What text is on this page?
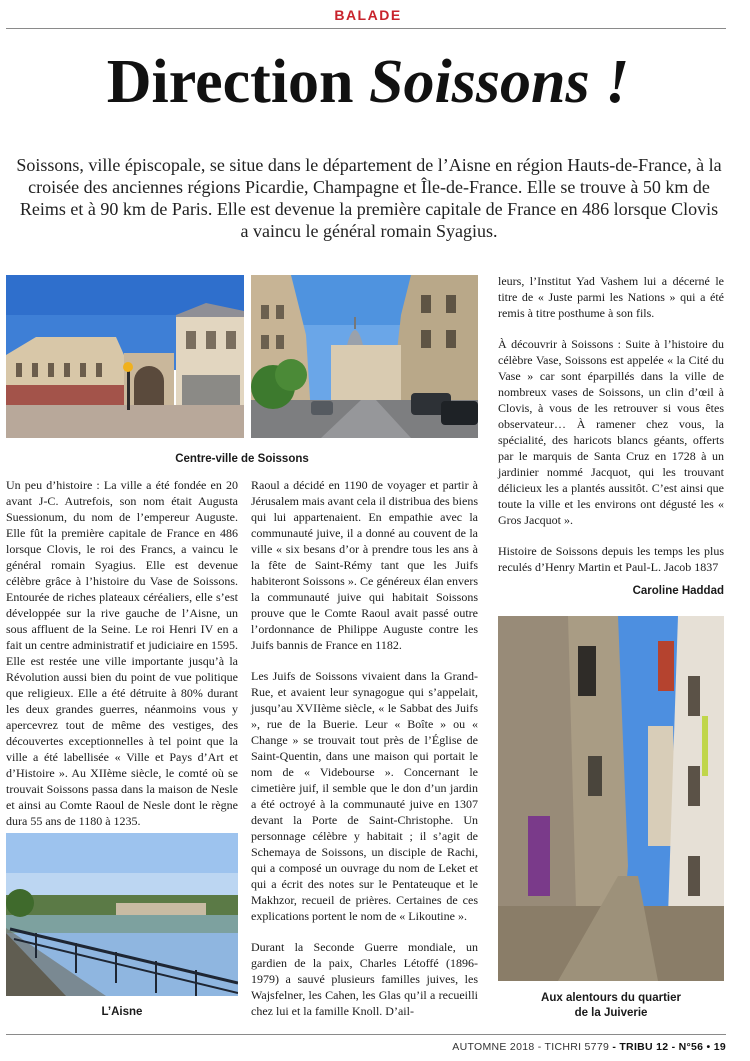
BALADE
Direction Soissons !

Soissons, ville épiscopale, se situe dans le département de l’Aisne en région Hauts-de-France, à la croisée des anciennes régions Picardie, Champagne et Île-de-France. Elle se trouve à 50 km de Reims et à 90 km de Paris. Elle est devenue la première capitale de France en 486 lorsque Clovis a vaincu le général romain Syagius.

Centre-ville de Soissons

Un peu d’histoire : La ville a été fondée en 20 avant J-C. Autrefois, son nom était Augusta Suessionum, du nom de l’empereur Auguste. Elle fût la première capitale de France en 486 lorsque Clovis, le roi des Francs, a vaincu le général romain Syagius. Elle est devenue célèbre grâce à l’histoire du Vase de Soissons. Entourée de riches plateaux céréaliers, elle s’est développée sur la rive gauche de l’Aisne, un sous affluent de la Seine. Le roi Henri IV en a fait un centre administratif et judiciaire en 1595. Elle est restée une ville importante jusqu’à la Révolution aussi bien du point de vue politique que religieux. Elle a été détruite à 80% durant les deux grandes guerres, néanmoins vous y apercevrez tout de même des vestiges, des découvertes exceptionnelles à tel point que la ville a été labellisée « Ville et Pays d’Art et d’Histoire ». Au XIIème siècle, le comté où se trouvait Soissons passa dans la maison de Nesle et ainsi au Comte Raoul de Nesle dont le règne dura 55 ans de 1180 à 1235.

L’Aisne

Raoul a décidé en 1190 de voyager et partir à Jérusalem mais avant cela il distribua des biens qui lui appartenaient. En empathie avec la communauté juive, il a donné au couvent de la ville « six besans d’or à prendre tous les ans à la fête de Saint-Rémy tant que les Juifs habiteront Soissons ». Ce généreux élan envers la communauté juive qui habitait Soissons prouve que le Comte Raoul avait passé outre l’ordonnance de Philippe Auguste contre les Juifs bannis de France en 1182.

Les Juifs de Soissons vivaient dans la Grand-Rue, et avaient leur synagogue qui s’appelait, jusqu’au XVIIème siècle, « le Sabbat des Juifs », rue de la Buerie. Leur « Boîte » ou « Change » se trouvait tout près de l’Église de Saint-Quentin, dans une maison qui portait le nom de « Videbourse ». Concernant le cimetière juif, il semble que le don d’un jardin a été octroyé à la communauté juive en 1307 devant la Porte de Saint-Christophe. Un personnage célèbre y habitait ; il s’agit de Schemaya de Soissons, un disciple de Rachi, qui a composé un ouvrage du nom de Leket et qui a écrit des notes sur le Pentateuque et le Makhzor, recueil de prières. Certaines de ces explications portent le nom de « Likoutine ».

Durant la Seconde Guerre mondiale, un gardien de la paix, Charles Létoffé (1896-1979) a sauvé plusieurs familles juives, les Wajsfelner, les Cahen, les Glas qu’il a recueilli chez lui et la famille Knoll. D’ail-

leurs, l’Institut Yad Vashem lui a décerné le titre de « Juste parmi les Nations » qui a été remis à titre posthume à son fils.

À découvrir à Soissons : Suite à l’histoire du célèbre Vase, Soissons est appelée « la Cité du Vase » car sont éparpillés dans la ville de nombreux vases de Soissons, un clin d’œil à Clovis, à vous de les retrouver si vous êtes observateur… À ramener chez vous, la spécialité, des haricots blancs géants, offerts par le marquis de Santa Cruz en 1728 à un jardinier nommé Jacquot, qui les trouvant délicieux les a plantés aussitôt. C’est ainsi que toute la ville et les environs ont dégusté les « Gros Jacquot ».

Histoire de Soissons depuis les temps les plus reculés d’Henry Martin et Paul-L. Jacob 1837

Caroline Haddad
Aux alentours du quartier
de la Juiverie
AUTOMNE 2018 - TICHRI 5779 - TRIBU 12 - N°56 • 19
